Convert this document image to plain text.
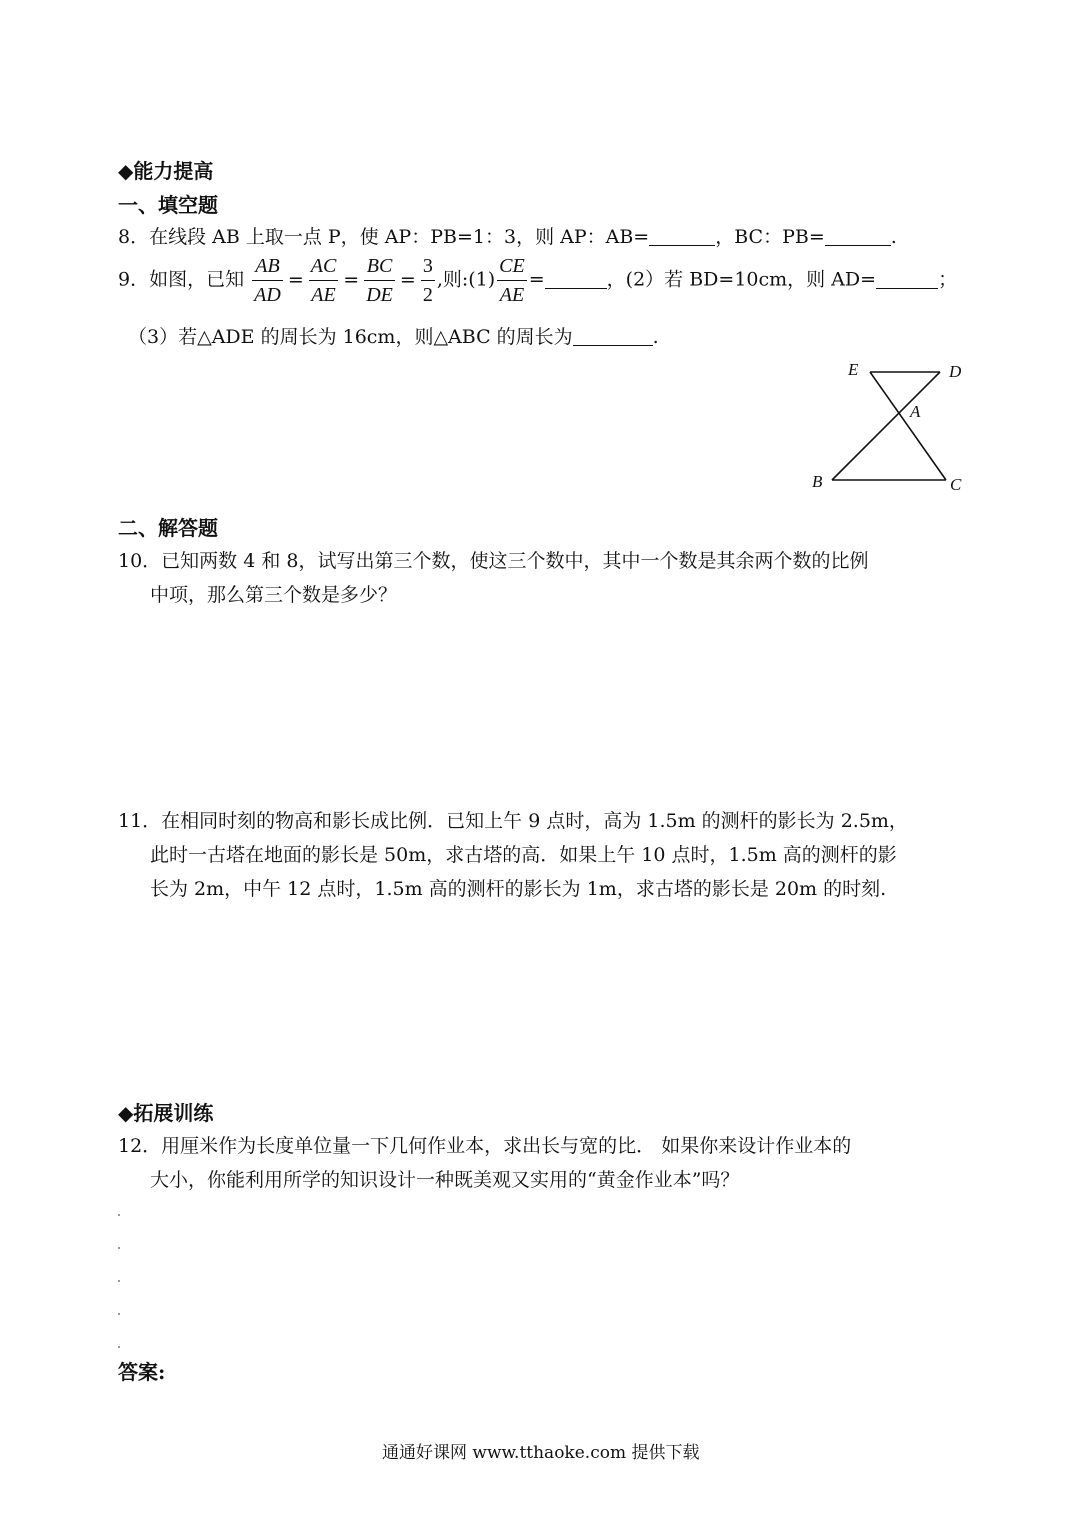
◆能力提高
一、填空题
8．在线段 AB 上取一点 P，使 AP：PB=1：3，则 AP：AB=	，BC：PB=	.
9．如图，已知 $\frac{AB}{AD} = \frac{AC}{AE} = \frac{BC}{DE} = \frac{3}{2}$ ,则:(1) $\frac{CE}{AE}$ =	，(2）若 BD=10cm，则 AD=	；
（3）若△ADE 的周长为 16cm，则△ABC 的周长为	.
E	D
A
B	C
二、解答题
10．已知两数 4 和 8，试写出第三个数，使这三个数中，其中一个数是其余两个数的比例
中项，那么第三个数是多少？
11．在相同时刻的物高和影长成比例．已知上午 9 点时，高为 1.5m 的测杆的影长为 2.5m，
此时一古塔在地面的影长是 50m，求古塔的高．如果上午 10 点时，1.5m 高的测杆的影
长为 2m，中午 12 点时，1.5m 高的测杆的影长为 1m，求古塔的影长是 20m 的时刻.
◆拓展训练
12．用厘米作为长度单位量一下几何作业本，求出长与宽的比． 如果你来设计作业本的
大小，你能利用所学的知识设计一种既美观又实用的“黄金作业本”吗？
答案:
通通好课网 www.tthaoke.com 提供下载
